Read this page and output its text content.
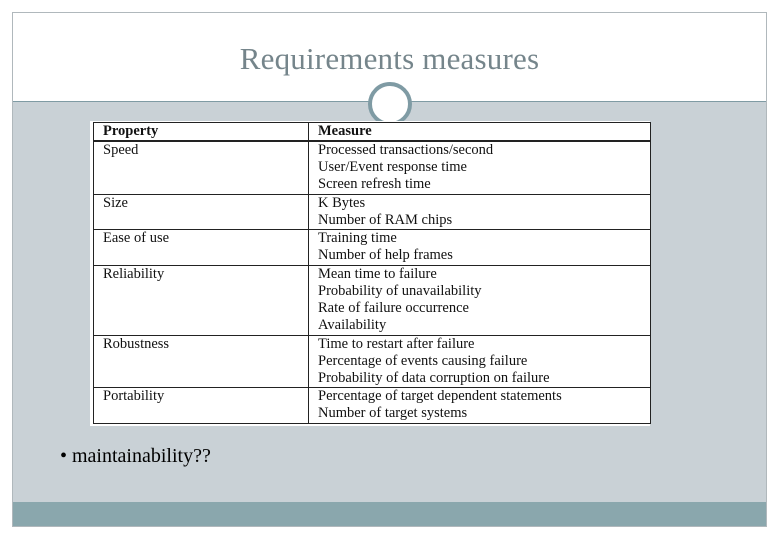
Requirements measures
Property	Measure
Speed	Processed transactions/second
User/Event response time
Screen refresh time

Size	K Bytes
Number of RAM chips

Ease of use	Training time
Number of help frames

Reliability	Mean time to failure
Probability of unavailability
Rate of failure occurrence
Availability

Robustness	Time to restart after failure
Percentage of events causing failure
Probability of data corruption on failure

Portability	Percentage of target dependent statements
Number of target systems
• maintainability??
